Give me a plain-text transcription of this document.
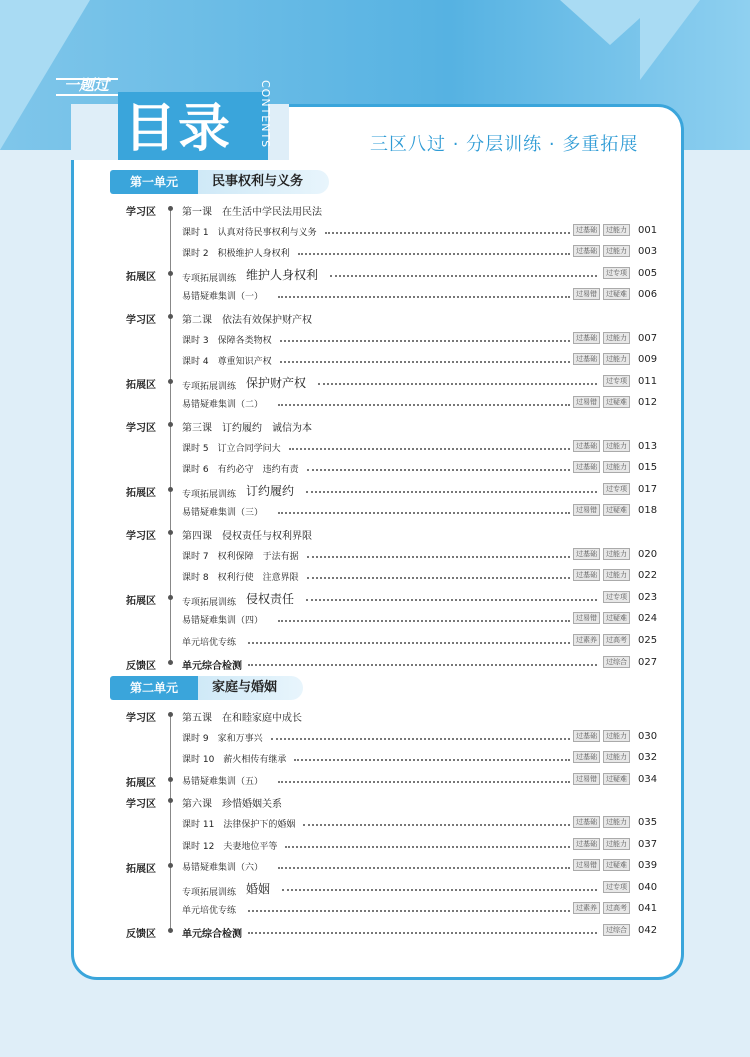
一题过
目录 CONTENTS	三区八过 · 分层训练 · 多重拓展
第一单元	民事权利与义务
学习区	第一课　在生活中学民法用民法
课时 1　认真对待民事权利与义务	过基础 过能力	001
课时 2　积极维护人身权利	过基础 过能力	003
拓展区	专项拓展训练 维护人身权利	过专项	005
易错疑难集训（一）	过易错 过疑难	006
学习区	第二课　依法有效保护财产权
课时 3　保障各类物权	过基础 过能力	007
课时 4　尊重知识产权	过基础 过能力	009
拓展区	专项拓展训练 保护财产权	过专项	011
易错疑难集训（二）	过易错 过疑难	012
学习区	第三课　订约履约　诚信为本
课时 5　订立合同学问大	过基础 过能力	013
课时 6　有约必守　违约有责	过基础 过能力	015
拓展区	专项拓展训练 订约履约	过专项	017
易错疑难集训（三）	过易错 过疑难	018
学习区	第四课　侵权责任与权利界限
课时 7　权利保障　于法有据	过基础 过能力	020
课时 8　权利行使　注意界限	过基础 过能力	022
拓展区	专项拓展训练 侵权责任	过专项	023
易错疑难集训（四）	过易错 过疑难	024
单元培优专练	过素养 过高考	025
反馈区	单元综合检测	过综合	027
第二单元	家庭与婚姻
学习区	第五课　在和睦家庭中成长
课时 9　家和万事兴	过基础 过能力	030
课时 10　薪火相传有继承	过基础 过能力	032
拓展区	易错疑难集训（五）	过易错 过疑难	034
学习区	第六课　珍惜婚姻关系
课时 11　法律保护下的婚姻	过基础 过能力	035
课时 12　夫妻地位平等	过基础 过能力	037
拓展区	易错疑难集训（六）	过易错 过疑难	039
专项拓展训练 婚姻	过专项	040
单元培优专练	过素养 过高考	041
反馈区	单元综合检测	过综合	042
